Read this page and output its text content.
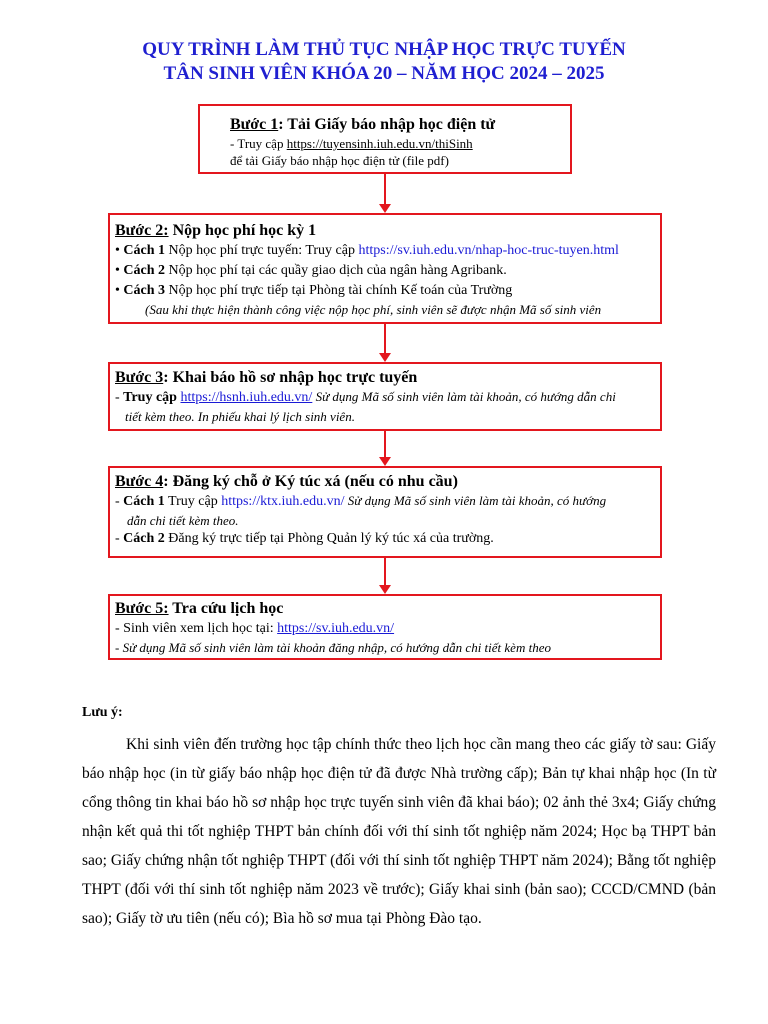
QUY TRÌNH LÀM THỦ TỤC NHẬP HỌC TRỰC TUYẾN
TÂN SINH VIÊN KHÓA 20 – NĂM HỌC 2024 – 2025
Bước 1: Tải Giấy báo nhập học điện tử
- Truy cập https://tuyensinh.iuh.edu.vn/thiSinh
để tải Giấy báo nhập học điện tử (file pdf)
Bước 2: Nộp học phí học kỳ 1
• Cách 1 Nộp học phí trực tuyến: Truy cập https://sv.iuh.edu.vn/nhap-hoc-truc-tuyen.html
• Cách 2 Nộp học phí tại các quầy giao dịch của ngân hàng Agribank.
• Cách 3 Nộp học phí trực tiếp tại Phòng tài chính Kế toán của Trường
(Sau khi thực hiện thành công việc nộp học phí, sinh viên sẽ được nhận Mã số sinh viên
Bước 3: Khai báo hồ sơ nhập học trực tuyến
- Truy cập https://hsnh.iuh.edu.vn/ Sử dụng Mã số sinh viên làm tài khoản, có hướng dẫn chi
tiết kèm theo. In phiếu khai lý lịch sinh viên.
Bước 4: Đăng ký chỗ ở Ký túc xá (nếu có nhu cầu)
- Cách 1 Truy cập https://ktx.iuh.edu.vn/ Sử dụng Mã số sinh viên làm tài khoản, có hướng
dẫn chi tiết kèm theo.
- Cách 2 Đăng ký trực tiếp tại Phòng Quản lý ký túc xá của trường.
Bước 5: Tra cứu lịch học
- Sinh viên xem lịch học tại: https://sv.iuh.edu.vn/
- Sử dụng Mã số sinh viên làm tài khoản đăng nhập, có hướng dẫn chi tiết kèm theo
Lưu ý:
Khi sinh viên đến trường học tập chính thức theo lịch học cần mang theo các giấy tờ sau: Giấy báo nhập học (in từ giấy báo nhập học điện tử đã được Nhà trường cấp); Bản tự khai nhập học (In từ cổng thông tin khai báo hồ sơ nhập học trực tuyến sinh viên đã khai báo); 02 ảnh thẻ 3x4; Giấy chứng nhận kết quả thi tốt nghiệp THPT bản chính đối với thí sinh tốt nghiệp năm 2024; Học bạ THPT bản sao; Giấy chứng nhận tốt nghiệp THPT (đối với thí sinh tốt nghiệp THPT năm 2024); Bằng tốt nghiệp THPT (đối với thí sinh tốt nghiệp năm 2023 về trước); Giấy khai sinh (bản sao); CCCD/CMND (bản sao); Giấy tờ ưu tiên (nếu có); Bìa hồ sơ mua tại Phòng Đào tạo.
